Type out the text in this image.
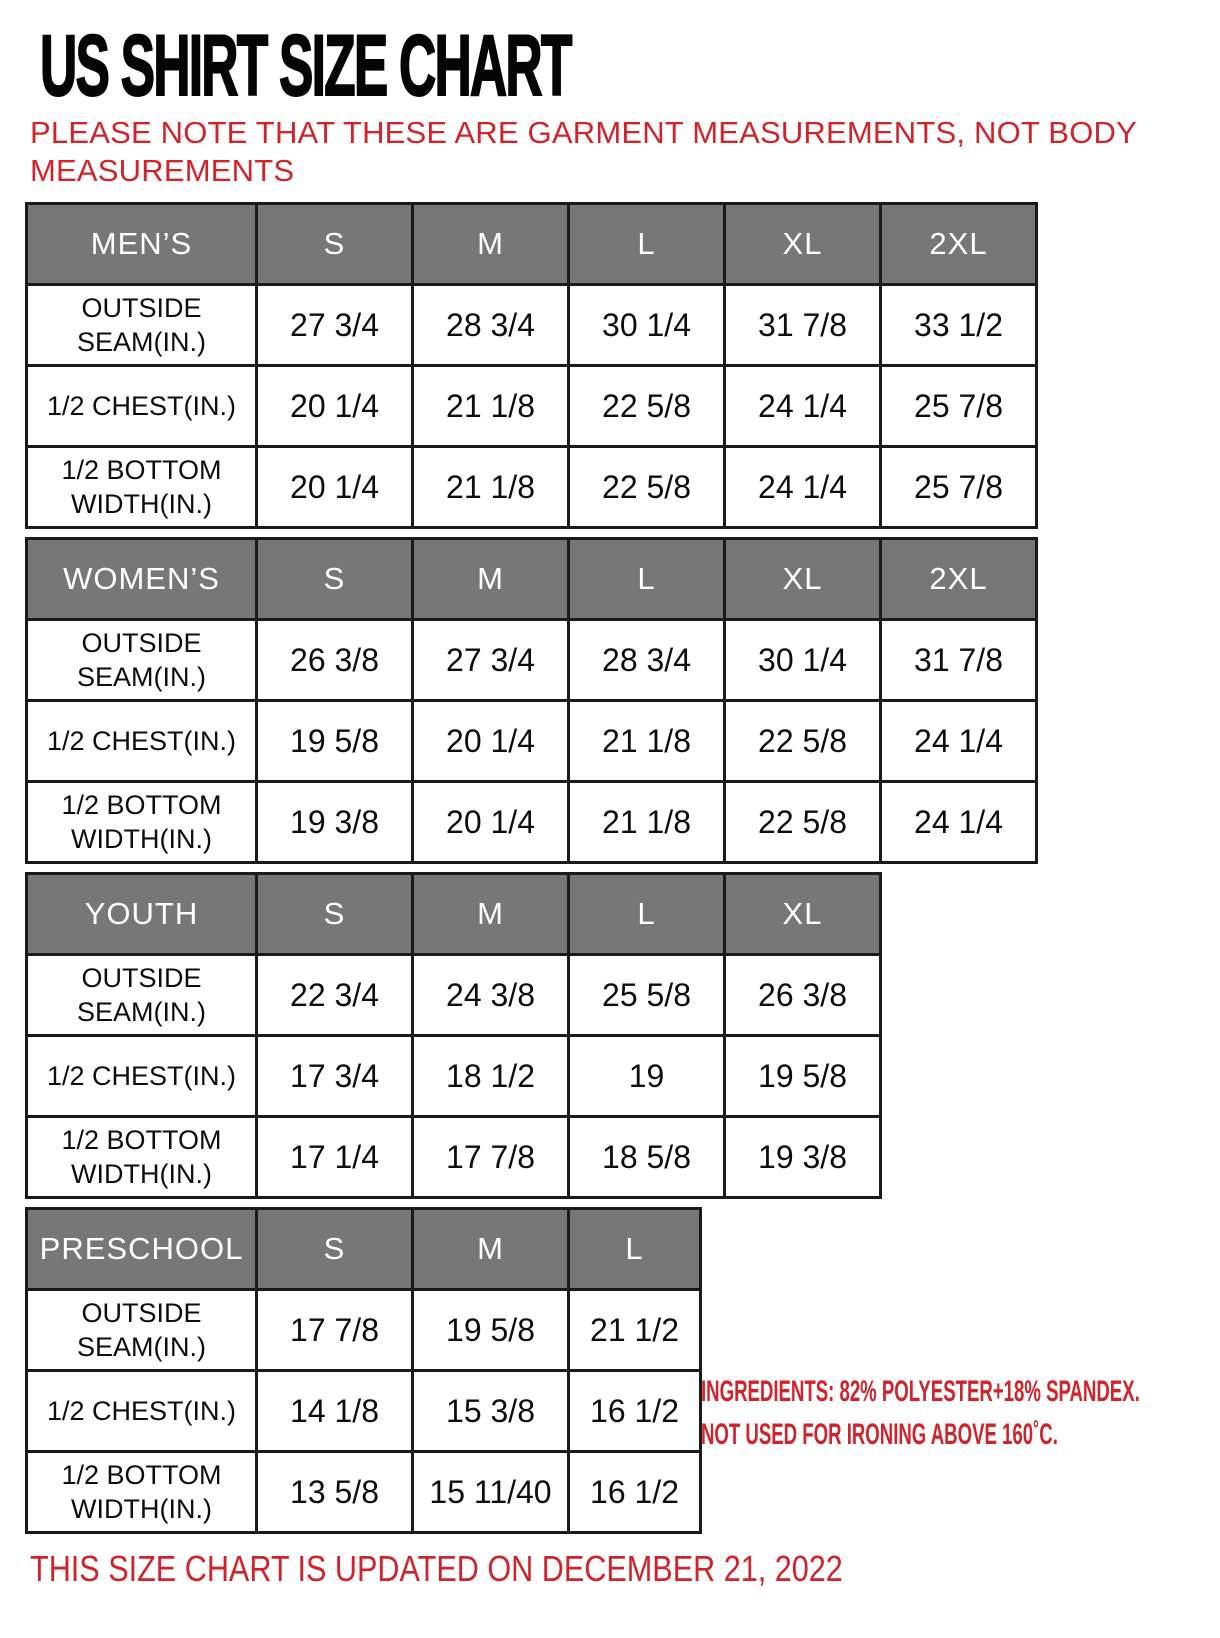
US SHIRT SIZE CHART
PLEASE NOTE THAT THESE ARE GARMENT MEASUREMENTS, NOT BODY
MEASUREMENTS
MEN’S	S	M	L	XL	2XL
OUTSIDE SEAM(IN.)	27 3/4	28 3/4	30 1/4	31 7/8	33 1/2
1/2 CHEST(IN.)	20 1/4	21 1/8	22 5/8	24 1/4	25 7/8
1/2 BOTTOM WIDTH(IN.)	20 1/4	21 1/8	22 5/8	24 1/4	25 7/8
WOMEN’S	S	M	L	XL	2XL
OUTSIDE SEAM(IN.)	26 3/8	27 3/4	28 3/4	30 1/4	31 7/8
1/2 CHEST(IN.)	19 5/8	20 1/4	21 1/8	22 5/8	24 1/4
1/2 BOTTOM WIDTH(IN.)	19 3/8	20 1/4	21 1/8	22 5/8	24 1/4
YOUTH	S	M	L	XL
OUTSIDE SEAM(IN.)	22 3/4	24 3/8	25 5/8	26 3/8
1/2 CHEST(IN.)	17 3/4	18 1/2	19	19 5/8
1/2 BOTTOM WIDTH(IN.)	17 1/4	17 7/8	18 5/8	19 3/8
PRESCHOOL	S	M	L
OUTSIDE SEAM(IN.)	17 7/8	19 5/8	21 1/2
1/2 CHEST(IN.)	14 1/8	15 3/8	16 1/2
1/2 BOTTOM WIDTH(IN.)	13 5/8	15 11/40	16 1/2
INGREDIENTS: 82% POLYESTER+18% SPANDEX.
NOT USED FOR IRONING ABOVE 160˚C.
THIS SIZE CHART IS UPDATED ON DECEMBER 21, 2022
